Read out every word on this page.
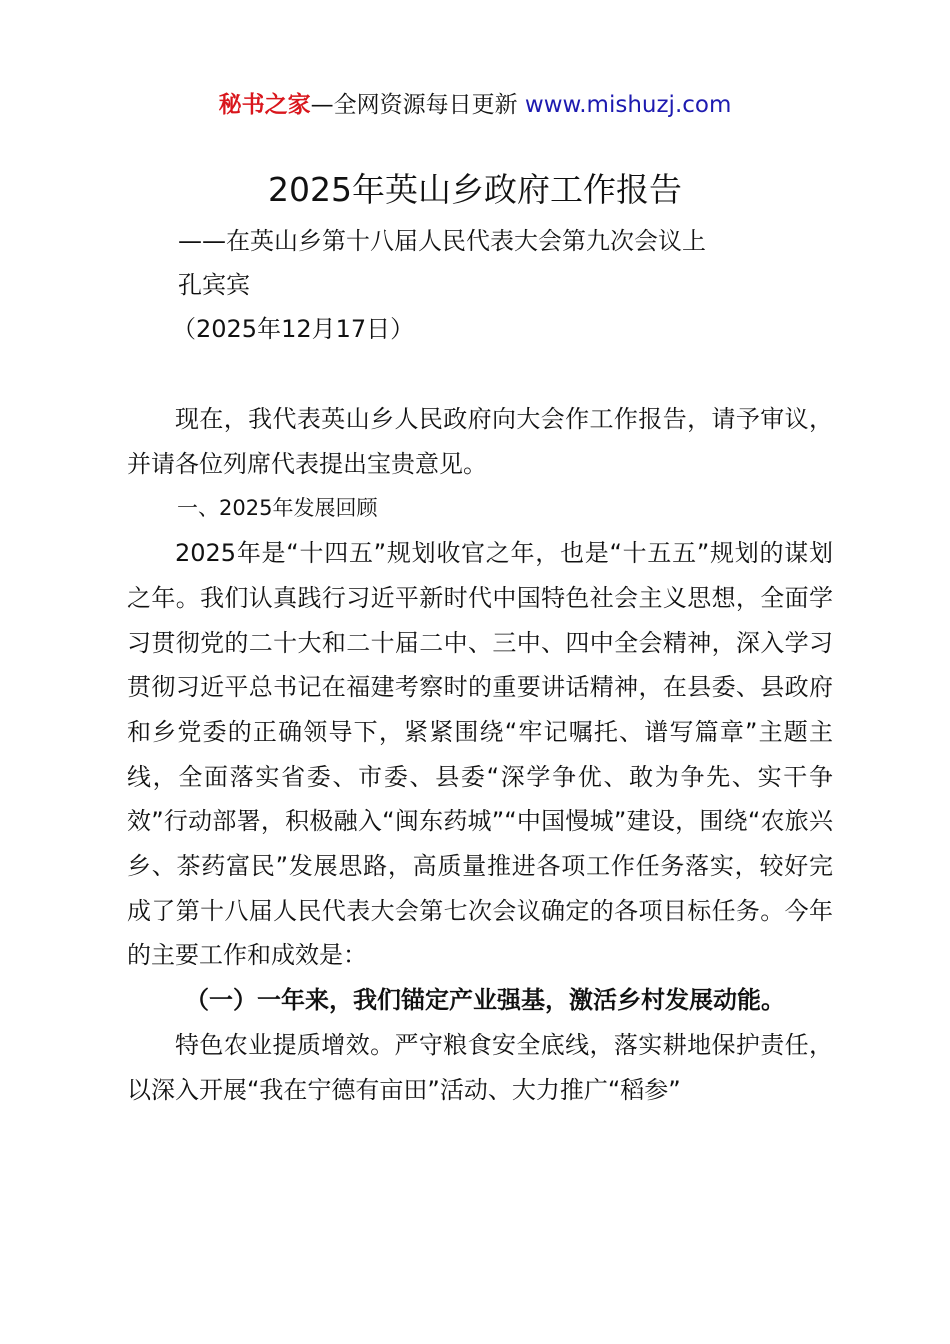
秘书之家—全网资源每日更新 www.mishuzj.com
2025年英山乡政府工作报告
——在英山乡第十八届人民代表大会第九次会议上
孔宾宾
（2025年12月17日）

现在，我代表英山乡人民政府向大会作工作报告，请予审议，并请各位列席代表提出宝贵意见。

一、2025年发展回顾

2025年是“十四五”规划收官之年，也是“十五五”规划的谋划之年。我们认真践行习近平新时代中国特色社会主义思想，全面学习贯彻党的二十大和二十届二中、三中、四中全会精神，深入学习贯彻习近平总书记在福建考察时的重要讲话精神，在县委、县政府和乡党委的正确领导下，紧紧围绕“牢记嘱托、谱写篇章”主题主线，全面落实省委、市委、县委“深学争优、敢为争先、实干争效”行动部署，积极融入“闽东药城”“中国慢城”建设，围绕“农旅兴乡、茶药富民”发展思路，高质量推进各项工作任务落实，较好完成了第十八届人民代表大会第七次会议确定的各项目标任务。今年的主要工作和成效是：

（一）一年来，我们锚定产业强基，激活乡村发展动能。

特色农业提质增效。严守粮食安全底线，落实耕地保护责任，以深入开展“我在宁德有亩田”活动、大力推广“稻参”
